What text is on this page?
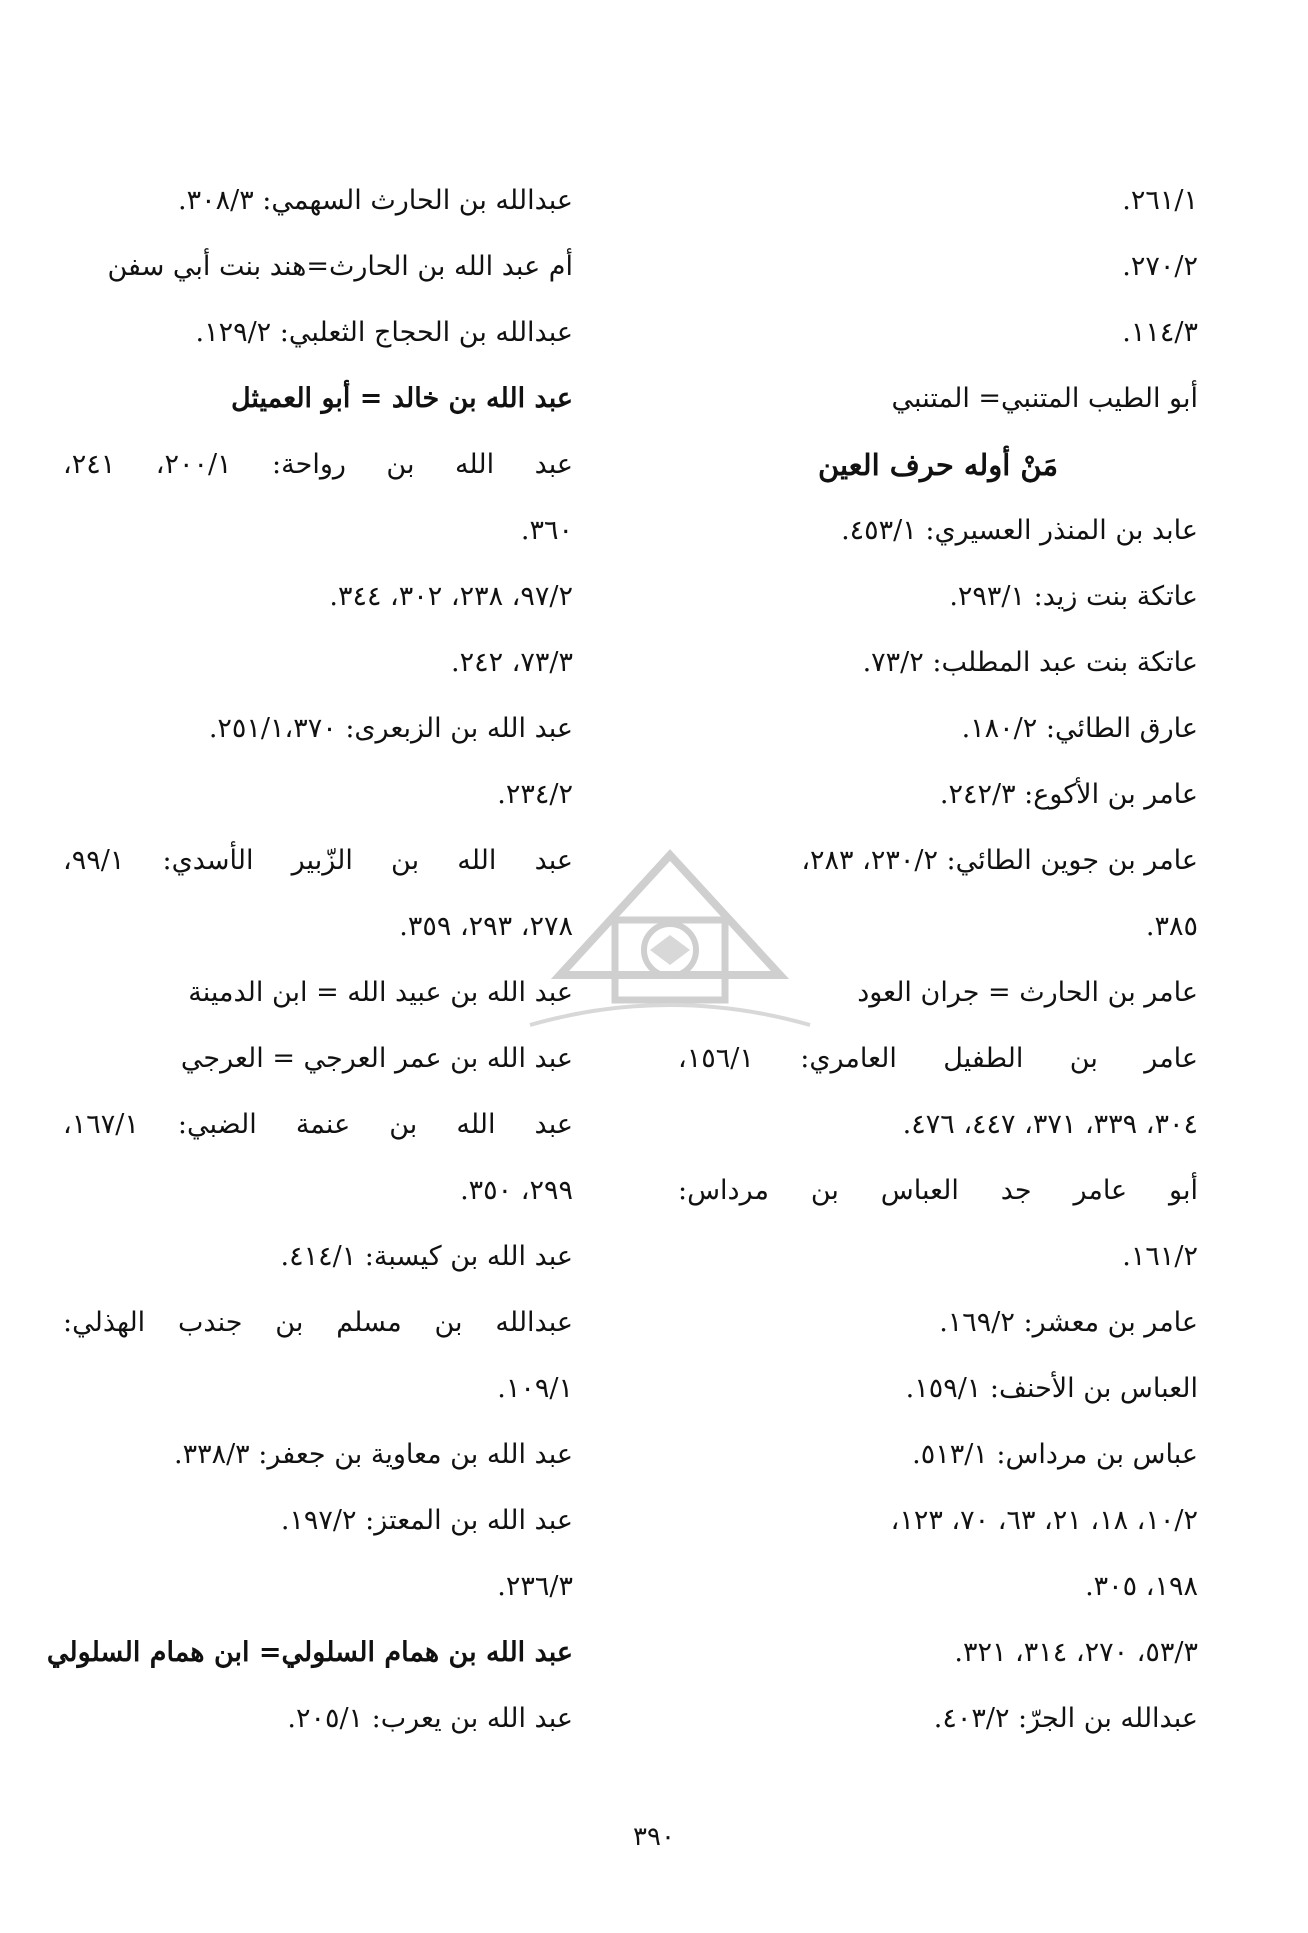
٢٦١/١.
٢٧٠/٢.
١١٤/٣.
أبو الطيب المتنبي= المتنبي
مَنْ أوله حرف العين
عابد بن المنذر العسيري: ٤٥٣/١.
عاتكة بنت زيد: ٢٩٣/١.
عاتكة بنت عبد المطلب: ٧٣/٢.
عارق الطائي: ١٨٠/٢.
عامر بن الأكوع: ٢٤٢/٣.
عامر بن جوين الطائي: ٢٣٠/٢، ٢٨٣،
٣٨٥.
عامر بن الحارث = جران العود
عامر بن الطفيل العامري: ١٥٦/١،
٣٠٤، ٣٣٩، ٣٧١، ٤٤٧، ٤٧٦.
أبو عامر جد العباس بن مرداس:
١٦١/٢.
عامر بن معشر: ١٦٩/٢.
العباس بن الأحنف: ١٥٩/١.
عباس بن مرداس: ٥١٣/١.
١٠/٢، ١٨، ٢١، ٦٣، ٧٠، ١٢٣،
١٩٨، ٣٠٥.
٥٣/٣، ٢٧٠، ٣١٤، ٣٢١.
عبدالله بن الجرّ: ٤٠٣/٢.
عبدالله بن الحارث السهمي: ٣٠٨/٣.
أم عبد الله بن الحارث=هند بنت أبي سفن
عبدالله بن الحجاج الثعلبي: ١٢٩/٢.
عبد الله بن خالد = أبو العميثل
عبد الله بن رواحة: ٢٠٠/١، ٢٤١،
٣٦٠.
٩٧/٢، ٢٣٨، ٣٠٢، ٣٤٤.
٧٣/٣، ٢٤٢.
عبد الله بن الزبعرى: ٢٥١/١،٣٧٠.
٢٣٤/٢.
عبد الله بن الزّبير الأسدي: ٩٩/١،
٢٧٨، ٢٩٣، ٣٥٩.
عبد الله بن عبيد الله = ابن الدمينة
عبد الله بن عمر العرجي = العرجي
عبد الله بن عنمة الضبي: ١٦٧/١،
٢٩٩، ٣٥٠.
عبد الله بن كيسبة: ٤١٤/١.
عبدالله بن مسلم بن جندب الهذلي:
١٠٩/١.
عبد الله بن معاوية بن جعفر: ٣٣٨/٣.
عبد الله بن المعتز: ١٩٧/٢.
٢٣٦/٣.
عبد الله بن همام السلولي= ابن همام السلولي
عبد الله بن يعرب: ٢٠٥/١.
٣٩٠
